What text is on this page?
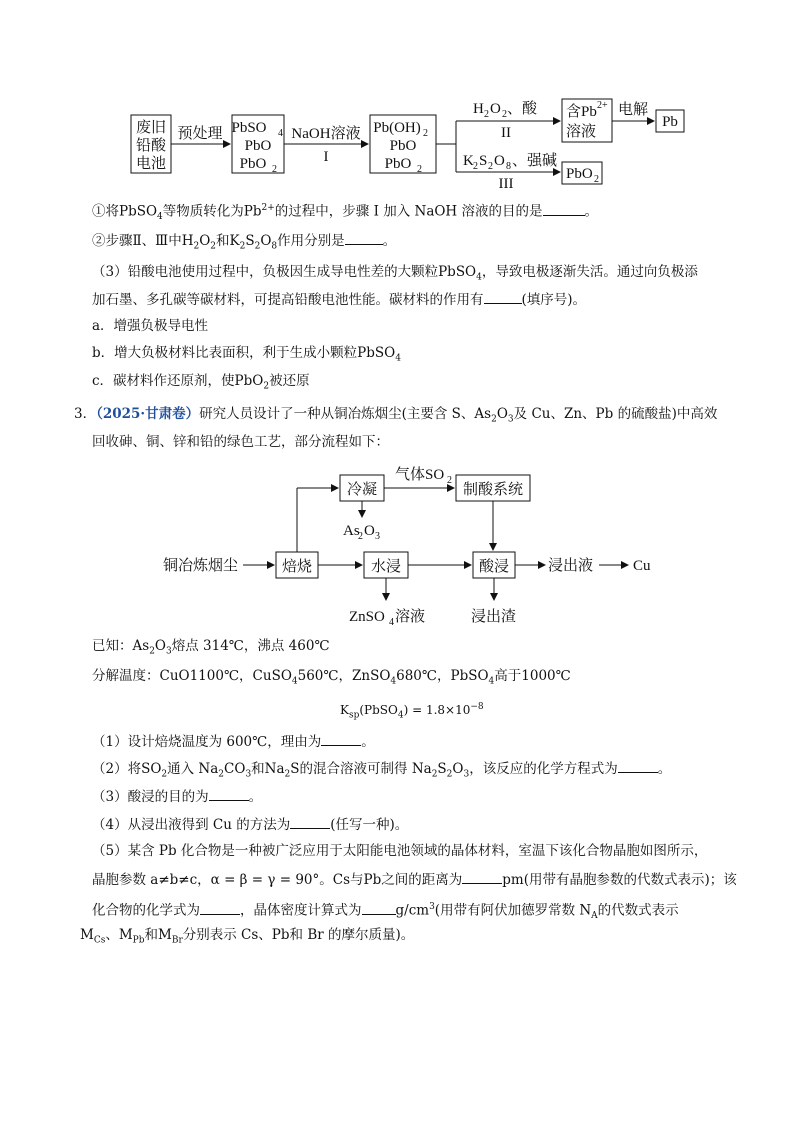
废旧
铅酸
电池
预处理 PbSO 4
PbO
PbO 2
NaOH溶液
I
Pb(OH) 2
PbO
PbO 2
H 2 O 2 、酸
II
K 2 S 2 O 8 、强碱
III
含Pb 2+
溶液
电解
Pb
PbO 2
①将PbSO$_4$等物质转化为$Pb^{2+}$的过程中，步骤 I 加入 NaOH 溶液的目的是	。
②步骤Ⅱ、Ⅲ中$H_2O_2$和$K_2S_2O_8$作用分别是	。
（3）铅酸电池使用过程中，负极因生成导电性差的大颗粒PbSO$_4$，导致电极逐渐失活。通过向负极添
加石墨、多孔碳等碳材料，可提高铅酸电池性能。碳材料的作用有	(填序号)。
a．增强负极导电性
b．增大负极材料比表面积，利于生成小颗粒PbSO$_4$
c．碳材料作还原剂，使PbO$_2$被还原
3．（2025·甘肃卷）研究人员设计了一种从铜冶炼烟尘(主要含 S、$As_2O_3$及 Cu、Zn、Pb 的硫酸盐)中高效
回收砷、铜、锌和铅的绿色工艺，部分流程如下：
铜冶炼烟尘	焙烧
冷凝
气体SO 2
制酸系统
As
2 O 3
水浸	酸浸	浸出液	Cu
ZnSO 4 溶液	浸出渣
已知：$As_2O_3$熔点 314℃，沸点 460℃
分解温度：CuO1100℃，CuSO$_4$560℃，ZnSO$_4$680℃，PbSO$_4$高于1000℃
$K_{sp}(PbSO_4) = 1.8\times 10^{-8}$
（1）设计焙烧温度为 600℃，理由为	。
（2）将$SO_2$通入 $Na_2CO_3$和$Na_2S$的混合溶液可制得 $Na_2S_2O_3$，该反应的化学方程式为	。
（3）酸浸的目的为	。
（4）从浸出液得到 Cu 的方法为	(任写一种)。
（5）某含 Pb 化合物是一种被广泛应用于太阳能电池领域的晶体材料，室温下该化合物晶胞如图所示，
晶胞参数 a≠b≠c，α = β = γ = 90°。Cs与Pb之间的距离为	pm(用带有晶胞参数的代数式表示)；该
化合物的化学式为	，晶体密度计算式为	$g/cm^3$(用带有阿伏加德罗常数 $N_A$的代数式表示
$M_{Cs}$、$M_{Pb}$和$M_{Br}$分别表示 Cs、Pb和 Br 的摩尔质量)。
